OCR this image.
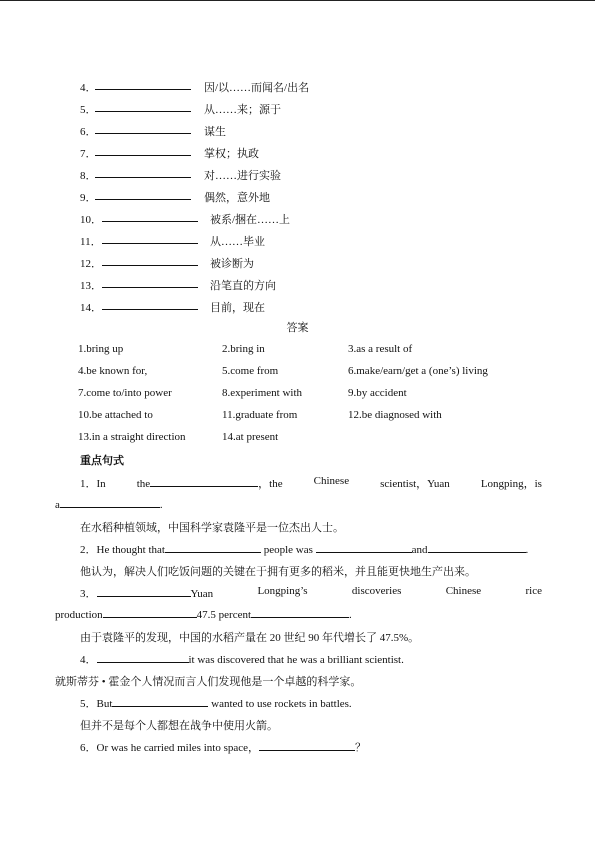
4．	因/以……而闻名/出名
5．	从……来；源于
6．	谋生
7．	掌权；执政
8．	对……进行实验
9．	偶然，意外地
10．	被系/捆在……上
11．	从……毕业
12．	被诊断为
13．	沿笔直的方向
14．	目前，现在
答案
1.bring up	2.bring in	3.as a result of
4.be known for,	5.come from	6.make/earn/get a (one’s) living
7.come to/into power	8.experiment with	9.by accident
10.be attached to	11.graduate from	12.be diagnosed with
13.in a straight direction	14.at present
重点句式
1．In	the	，the	Chinese	scientist，Yuan	Longping，is
a	.
在水稻种植领域，中国科学家袁隆平是一位杰出人士。
2．He thought that	people was	and	.
他认为，解决人们吃饭问题的关键在于拥有更多的稻米，并且能更快地生产出来。
3．	Yuan	Longping’s	discoveries	Chinese	rice
production	47.5 percent	.
由于袁隆平的发现，中国的水稻产量在 20 世纪 90 年代增长了 47.5%。
4．	it was discovered that he was a brilliant scientist.
就斯蒂芬 • 霍金个人情况而言人们发现他是一个卓越的科学家。
5．But	wanted to use rockets in battles.
但并不是每个人都想在战争中使用火箭。
6．Or was he carried miles into space，	？
